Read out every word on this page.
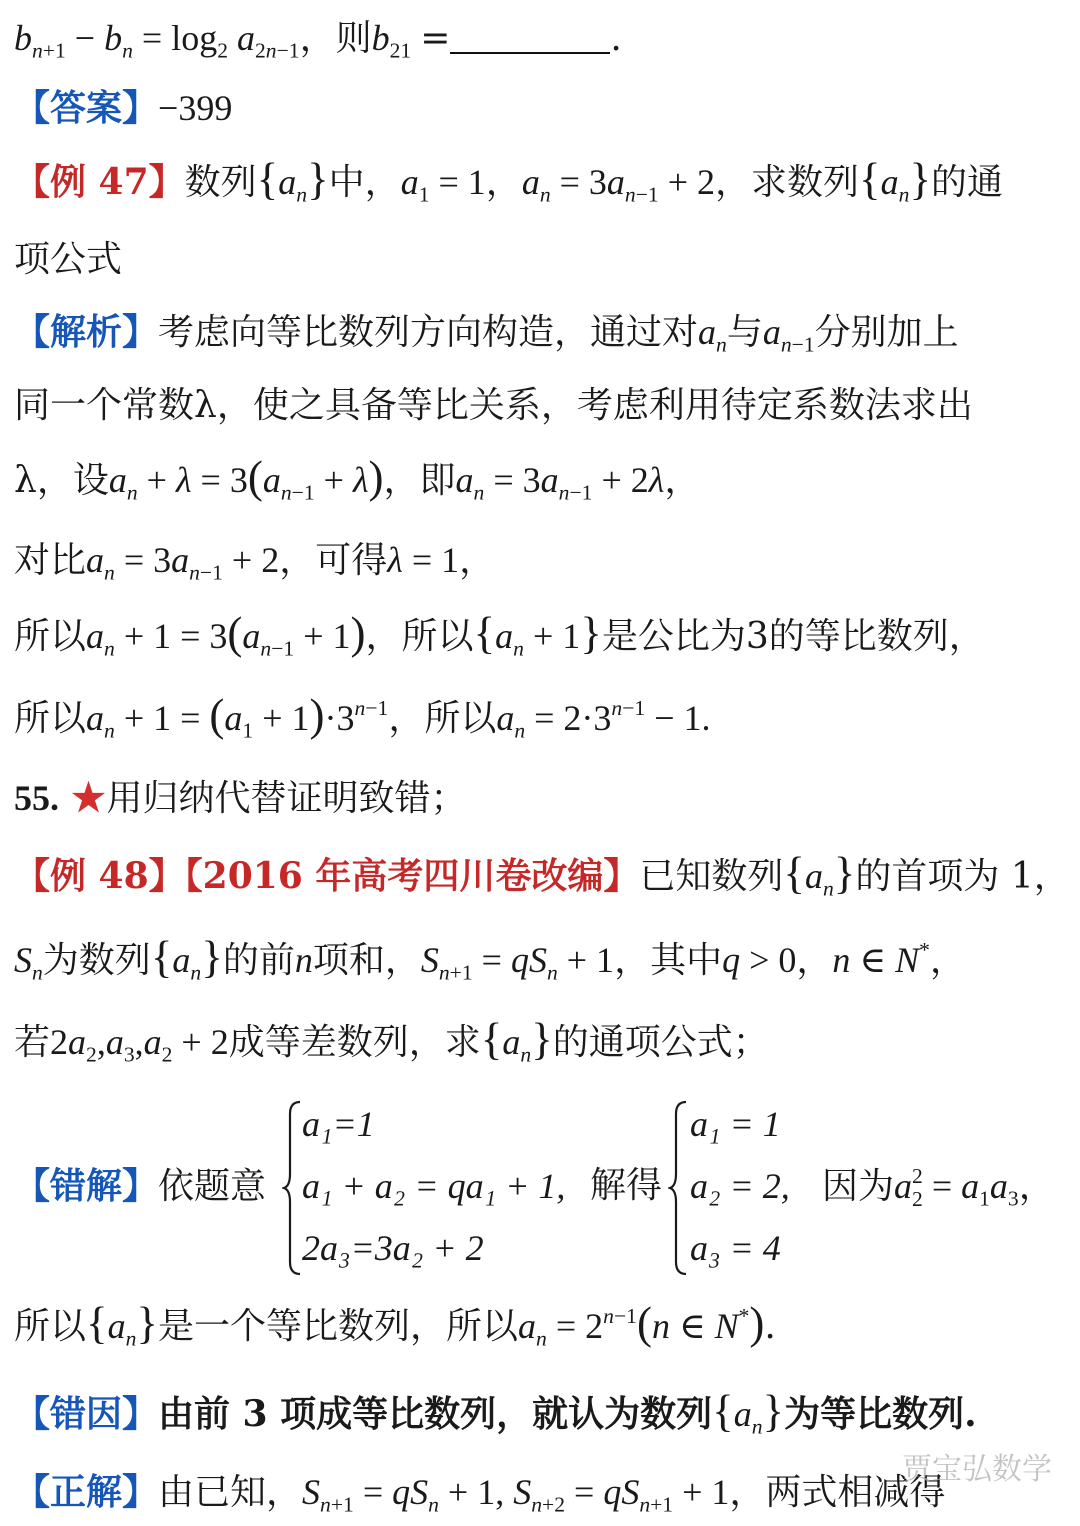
$b_{n+1} - b_n = \log_2 a_{2n-1}$，则$b_{21}$ =	.
【答案】−399
【例 47】数列$\{a_n\}$中，$a_1 = 1$，$a_n = 3a_{n-1} + 2$，求数列$\{a_n\}$的通
项公式
【解析】考虑向等比数列方向构造，通过对$a_n$与$a_{n-1}$分别加上
同一个常数λ，使之具备等比关系，考虑利用待定系数法求出
λ，设$a_n + \lambda = 3(a_{n-1} + \lambda)$，即$a_n = 3a_{n-1} + 2\lambda$，
对比$a_n = 3a_{n-1} + 2$，可得λ = 1，
所以$a_n + 1 = 3(a_{n-1} + 1)$，所以$\{a_n + 1\}$是公比为3的等比数列，
所以$a_n + 1 = (a_1 + 1)\cdot 3^{n-1}$，所以$a_n = 2\cdot 3^{n-1} - 1$.
55. ★用归纳代替证明致错；
【例 48】【2016 年高考四川卷改编】已知数列$\{a_n\}$的首项为 1，
$S_n$为数列$\{a_n\}$的前n项和，$S_{n+1} = qS_n + 1$，其中q > 0，n ∈ N*，
若$2a_2,a_3,a_2 + 2$成等差数列，求$\{a_n\}$的通项公式；
【错解】依题意
a₁=1
a₁ + a₂ = qa₁ + 1,
2a₃=3a₂ + 2
解得
a₁ = 1
a₂ = 2,
a₃ = 4
因为$a^2_2 = a_1a_3$，
所以$\{a_n\}$是一个等比数列，所以$a_n = 2^{n-1}(n$ ∈ N*).
【错因】由前 3 项成等比数列，就认为数列$\{a_n\}$为等比数列.
【正解】由已知，$S_{n+1} = qS_n + 1$, $S_{n+2} = qS_{n+1} + 1$，两式相减得
贾宝弘数学
